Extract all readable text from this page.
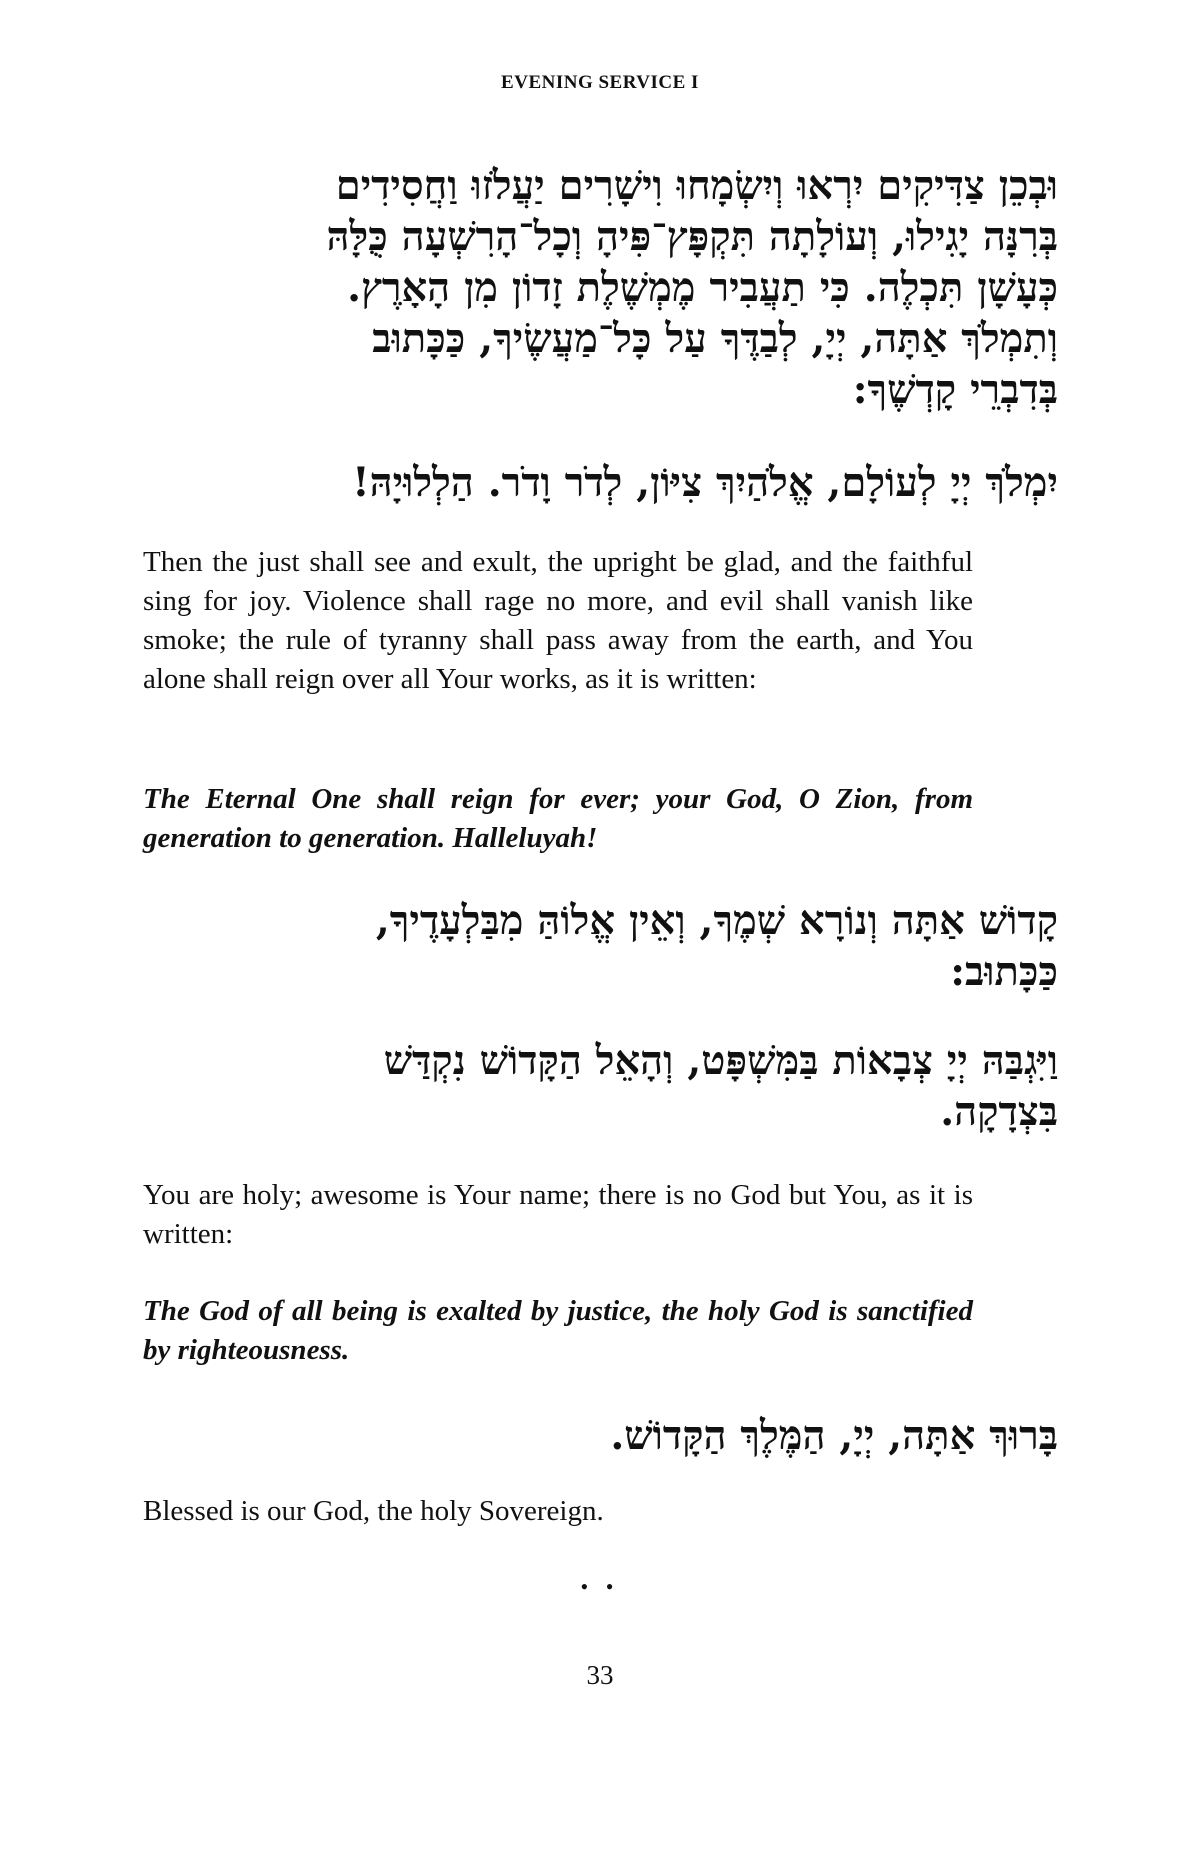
EVENING SERVICE I
וּבְכֵן צַדִּיקִים יִרְאוּ וְיִשְׂמָחוּ וִישָׁרִים יַעֲלֹזוּ וַחֲסִידִים
בְּרִנָּה יָגִילוּ, וְעוֹלָתָה תִּקְפָּץ־פִּיהָ וְכָל־הָרִשְׁעָה כֻּלָּהּ
כְּעָשָׁן תִּכְלֶה. כִּי תַעֲבִיר מֶמְשֶׁלֶת זָדוֹן מִן הָאָרֶץ.
וְתִמְלֹךְ אַתָּה, יְיָ, לְבַדֶּךָ עַל כָּל־מַעֲשֶׂיךָ, כַּכָּתוּב
בְּדִבְרֵי קָדְשֶׁךָ:
יִמְלֹךְ יְיָ לְעוֹלָם, אֱלֹהַיִךְ צִיּוֹן, לְדֹר וָדֹר. הַלְלוּיָהּ!
Then the just shall see and exult, the upright be glad, and the faithful sing for joy. Violence shall rage no more, and evil shall vanish like smoke; the rule of tyranny shall pass away from the earth, and You alone shall reign over all Your works, as it is written:
The Eternal One shall reign for ever; your God, O Zion, from generation to generation. Halleluyah!
קָדוֹשׁ אַתָּה וְנוֹרָא שְׁמֶךָ, וְאֵין אֱלוֹהַּ מִבַּלְעָדֶיךָ,
כַּכָּתוּב:
וַיִּגְבַּהּ יְיָ צְבָאוֹת בַּמִּשְׁפָּט, וְהָאֵל הַקָּדוֹשׁ נִקְדַּשׁ
בִּצְדָקָה.
You are holy; awesome is Your name; there is no God but You, as it is written:
The God of all being is exalted by justice, the holy God is sanctified by righteousness.
בָּרוּךְ אַתָּה, יְיָ, הַמֶּלֶךְ הַקָּדוֹשׁ.
Blessed is our God, the holy Sovereign.
• •
33
